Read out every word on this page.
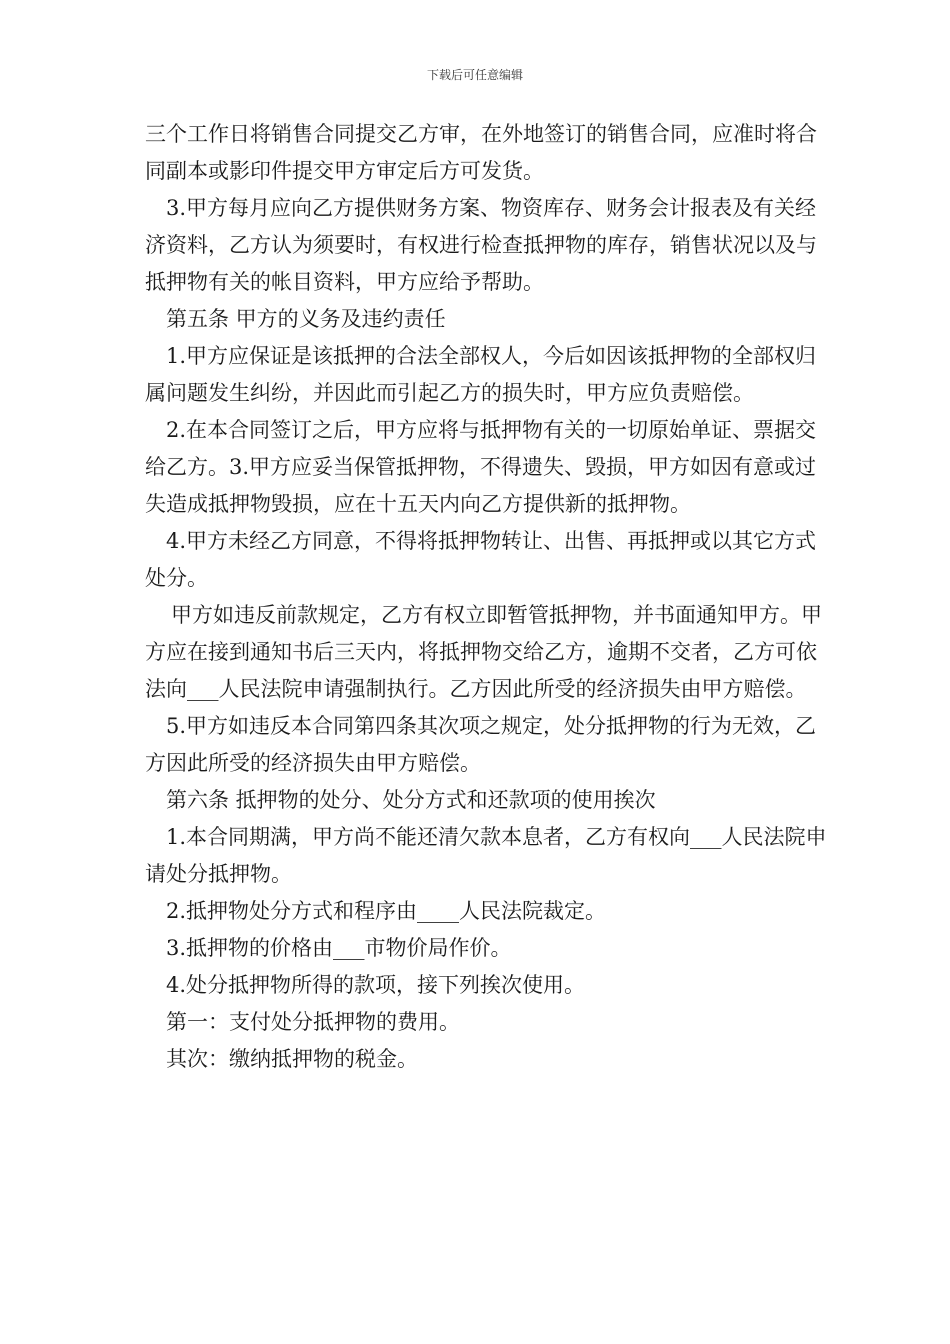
下载后可任意编辑

三个工作日将销售合同提交乙方审，在外地签订的销售合同，应准时将合同副本或影印件提交甲方审定后方可发货。

3.甲方每月应向乙方提供财务方案、物资库存、财务会计报表及有关经济资料，乙方认为须要时，有权进行检查抵押物的库存，销售状况以及与抵押物有关的帐目资料，甲方应给予帮助。

第五条 甲方的义务及违约责任

1.甲方应保证是该抵押的合法全部权人，今后如因该抵押物的全部权归属问题发生纠纷，并因此而引起乙方的损失时，甲方应负责赔偿。

2.在本合同签订之后，甲方应将与抵押物有关的一切原始单证、票据交给乙方。3.甲方应妥当保管抵押物，不得遗失、毁损，甲方如因有意或过失造成抵押物毁损，应在十五天内向乙方提供新的抵押物。

4.甲方未经乙方同意，不得将抵押物转让、出售、再抵押或以其它方式处分。

甲方如违反前款规定，乙方有权立即暂管抵押物，并书面通知甲方。甲方应在接到通知书后三天内，将抵押物交给乙方，逾期不交者，乙方可依法向___人民法院申请强制执行。乙方因此所受的经济损失由甲方赔偿。

5.甲方如违反本合同第四条其次项之规定，处分抵押物的行为无效，乙方因此所受的经济损失由甲方赔偿。

第六条 抵押物的处分、处分方式和还款项的使用挨次

1.本合同期满，甲方尚不能还清欠款本息者，乙方有权向___人民法院申请处分抵押物。

2.抵押物处分方式和程序由____人民法院裁定。

3.抵押物的价格由___市物价局作价。

4.处分抵押物所得的款项，接下列挨次使用。

第一：支付处分抵押物的费用。

其次：缴纳抵押物的税金。
